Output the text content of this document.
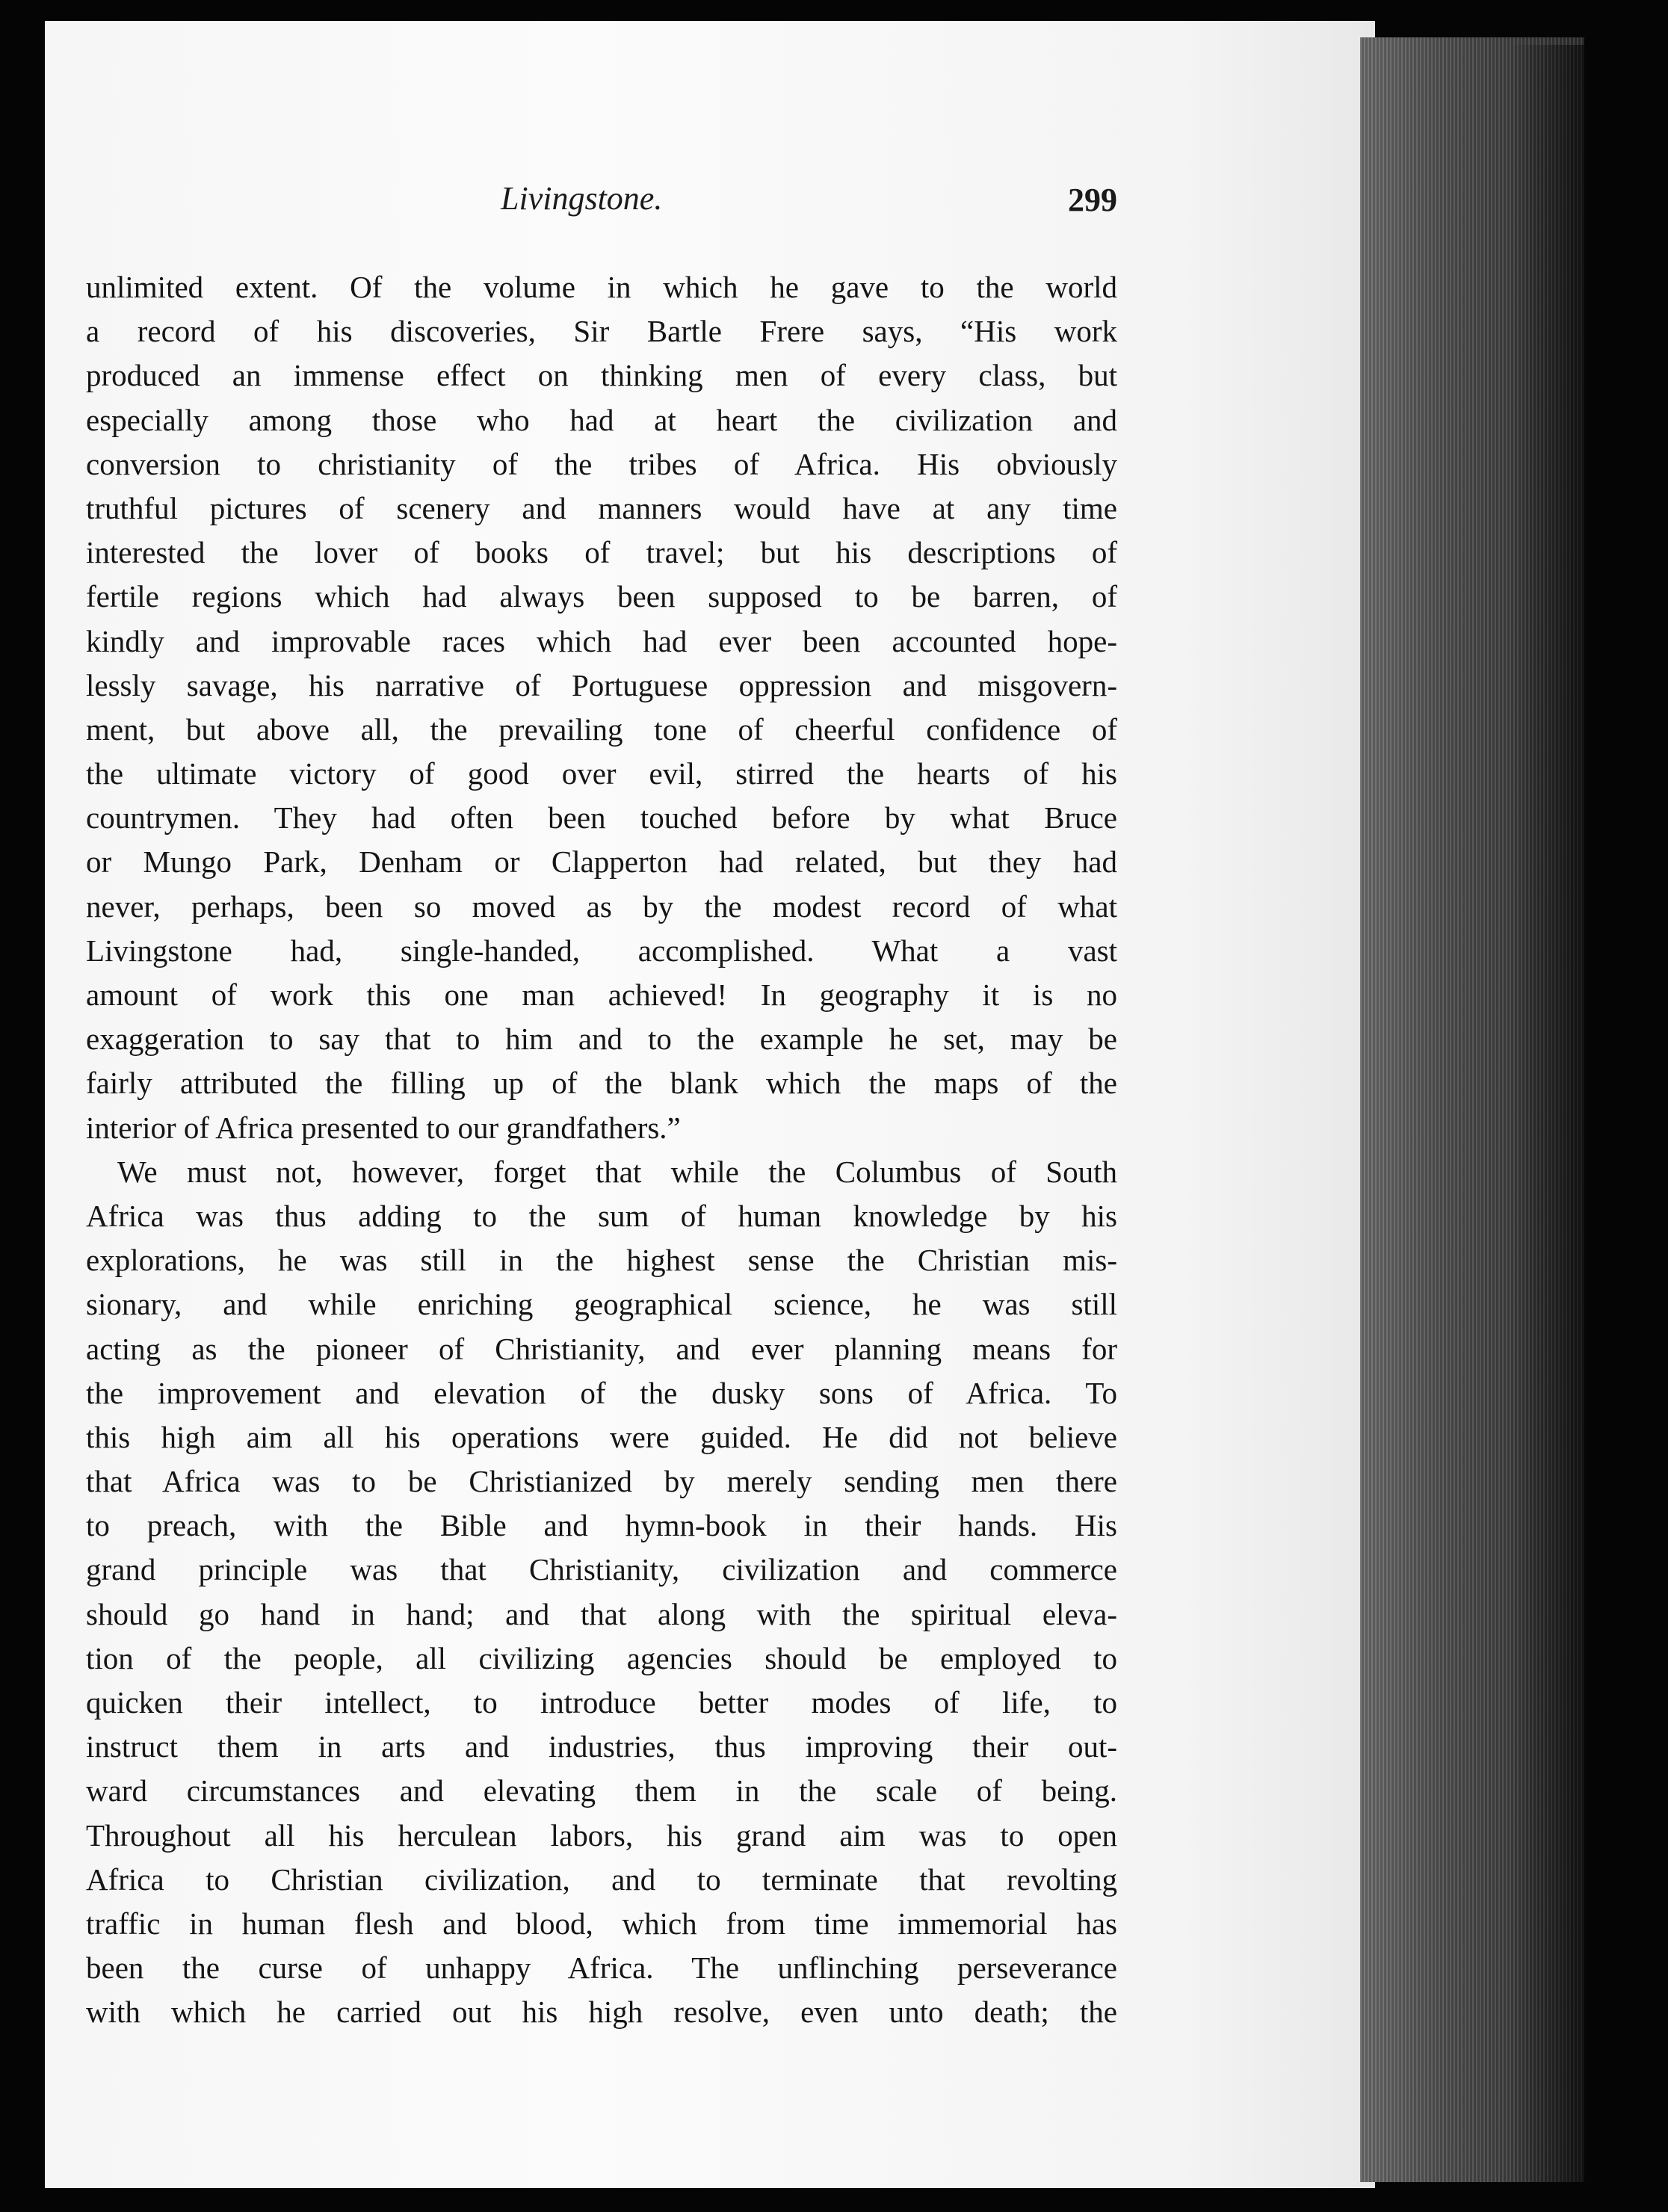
Livingstone.	299
unlimited extent. Of the volume in which he gave to the world
a record of his discoveries, Sir Bartle Frere says, “His work
produced an immense effect on thinking men of every class, but
especially among those who had at heart the civilization and
conversion to christianity of the tribes of Africa. His obviously
truthful pictures of scenery and manners would have at any time
interested the lover of books of travel; but his descriptions of
fertile regions which had always been supposed to be barren, of
kindly and improvable races which had ever been accounted hope-
lessly savage, his narrative of Portuguese oppression and misgovern-
ment, but above all, the prevailing tone of cheerful confidence of
the ultimate victory of good over evil, stirred the hearts of his
countrymen. They had often been touched before by what Bruce
or Mungo Park, Denham or Clapperton had related, but they had
never, perhaps, been so moved as by the modest record of what
Livingstone had, single-handed, accomplished. What a vast
amount of work this one man achieved! In geography it is no
exaggeration to say that to him and to the example he set, may be
fairly attributed the filling up of the blank which the maps of the
interior of Africa presented to our grandfathers.”
We must not, however, forget that while the Columbus of South
Africa was thus adding to the sum of human knowledge by his
explorations, he was still in the highest sense the Christian mis-
sionary, and while enriching geographical science, he was still
acting as the pioneer of Christianity, and ever planning means for
the improvement and elevation of the dusky sons of Africa. To
this high aim all his operations were guided. He did not believe
that Africa was to be Christianized by merely sending men there
to preach, with the Bible and hymn-book in their hands. His
grand principle was that Christianity, civilization and commerce
should go hand in hand; and that along with the spiritual eleva-
tion of the people, all civilizing agencies should be employed to
quicken their intellect, to introduce better modes of life, to
instruct them in arts and industries, thus improving their out-
ward circumstances and elevating them in the scale of being.
Throughout all his herculean labors, his grand aim was to open
Africa to Christian civilization, and to terminate that revolting
traffic in human flesh and blood, which from time immemorial has
been the curse of unhappy Africa. The unflinching perseverance
with which he carried out his high resolve, even unto death; the
